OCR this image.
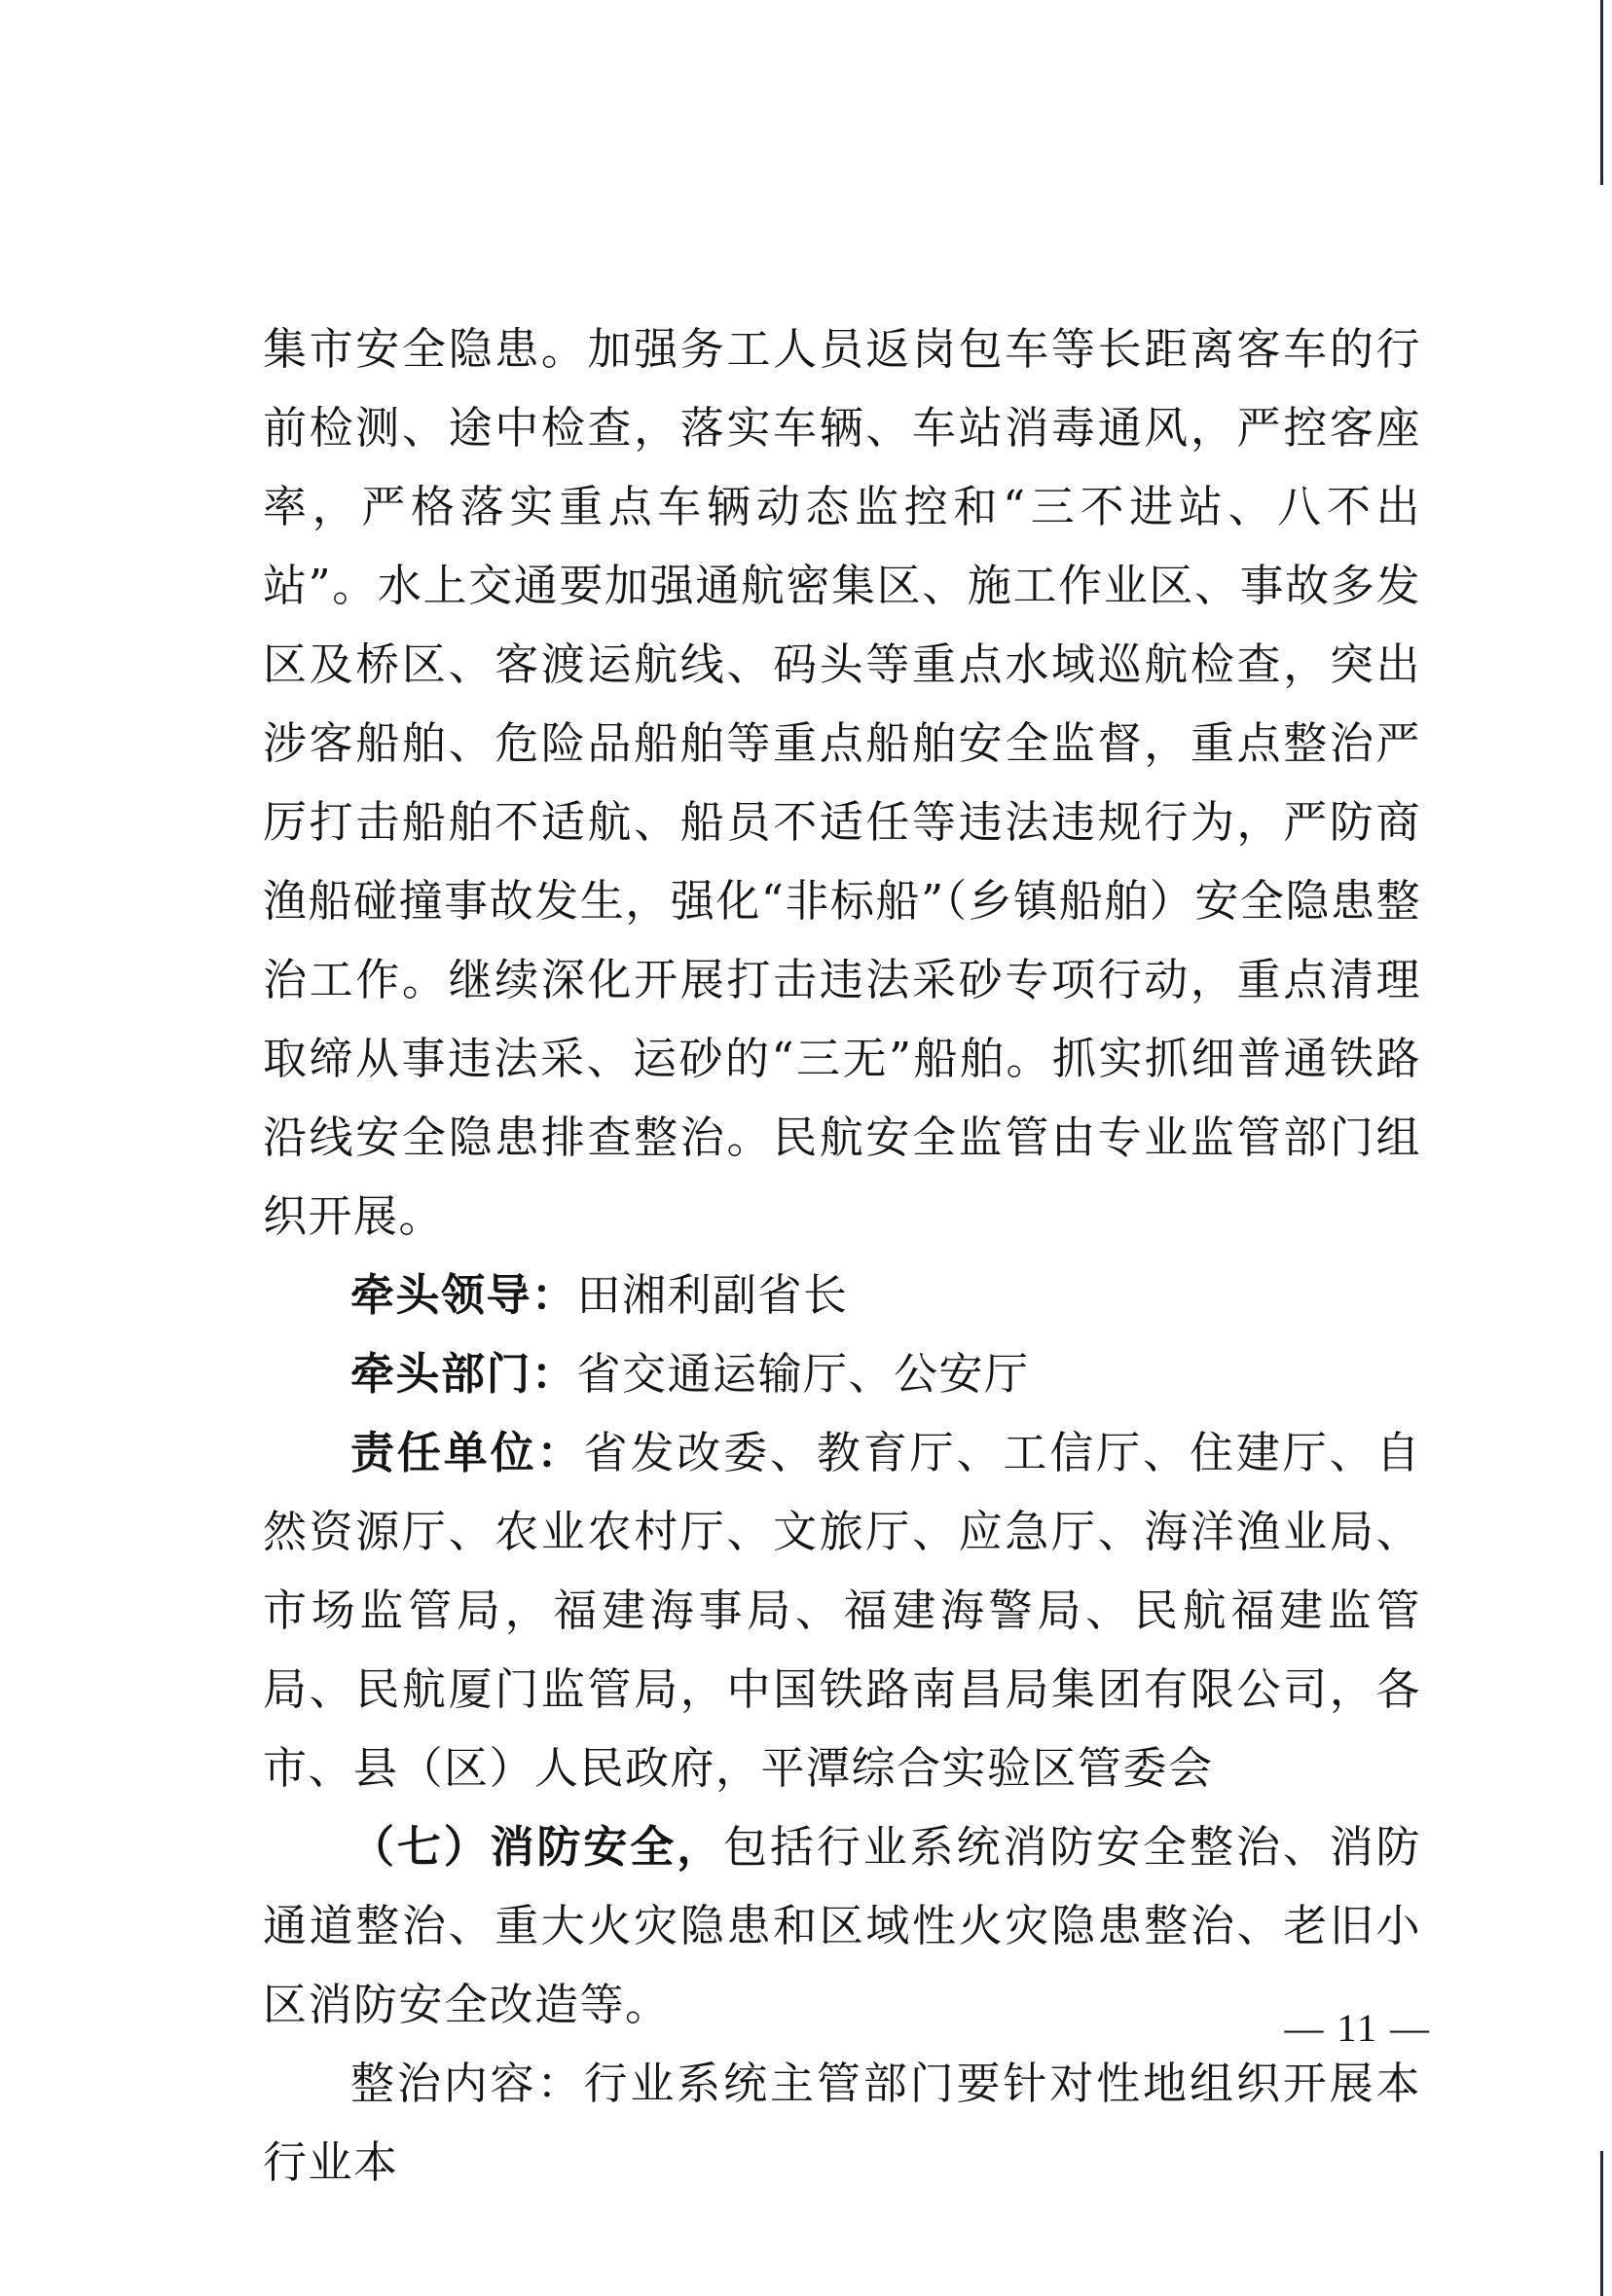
集市安全隐患。加强务工人员返岗包车等长距离客车的行前检测、途中检查，落实车辆、车站消毒通风，严控客座率，严格落实重点车辆动态监控和“三不进站、八不出站”。水上交通要加强通航密集区、施工作业区、事故多发区及桥区、客渡运航线、码头等重点水域巡航检查，突出涉客船舶、危险品船舶等重点船舶安全监督，重点整治严厉打击船舶不适航、船员不适任等违法违规行为，严防商渔船碰撞事故发生，强化“非标船”（乡镇船舶）安全隐患整治工作。继续深化开展打击违法采砂专项行动，重点清理取缔从事违法采、运砂的“三无”船舶。抓实抓细普通铁路沿线安全隐患排查整治。民航安全监管由专业监管部门组织开展。

牵头领导：田湘利副省长

牵头部门：省交通运输厅、公安厅

责任单位：省发改委、教育厅、工信厅、住建厅、自然资源厅、农业农村厅、文旅厅、应急厅、海洋渔业局、市场监管局，福建海事局、福建海警局、民航福建监管局、民航厦门监管局，中国铁路南昌局集团有限公司，各市、县（区）人民政府，平潭综合实验区管委会

（七）消防安全，包括行业系统消防安全整治、消防通道整治、重大火灾隐患和区域性火灾隐患整治、老旧小区消防安全改造等。

整治内容：行业系统主管部门要针对性地组织开展本行业本

— 11 —
